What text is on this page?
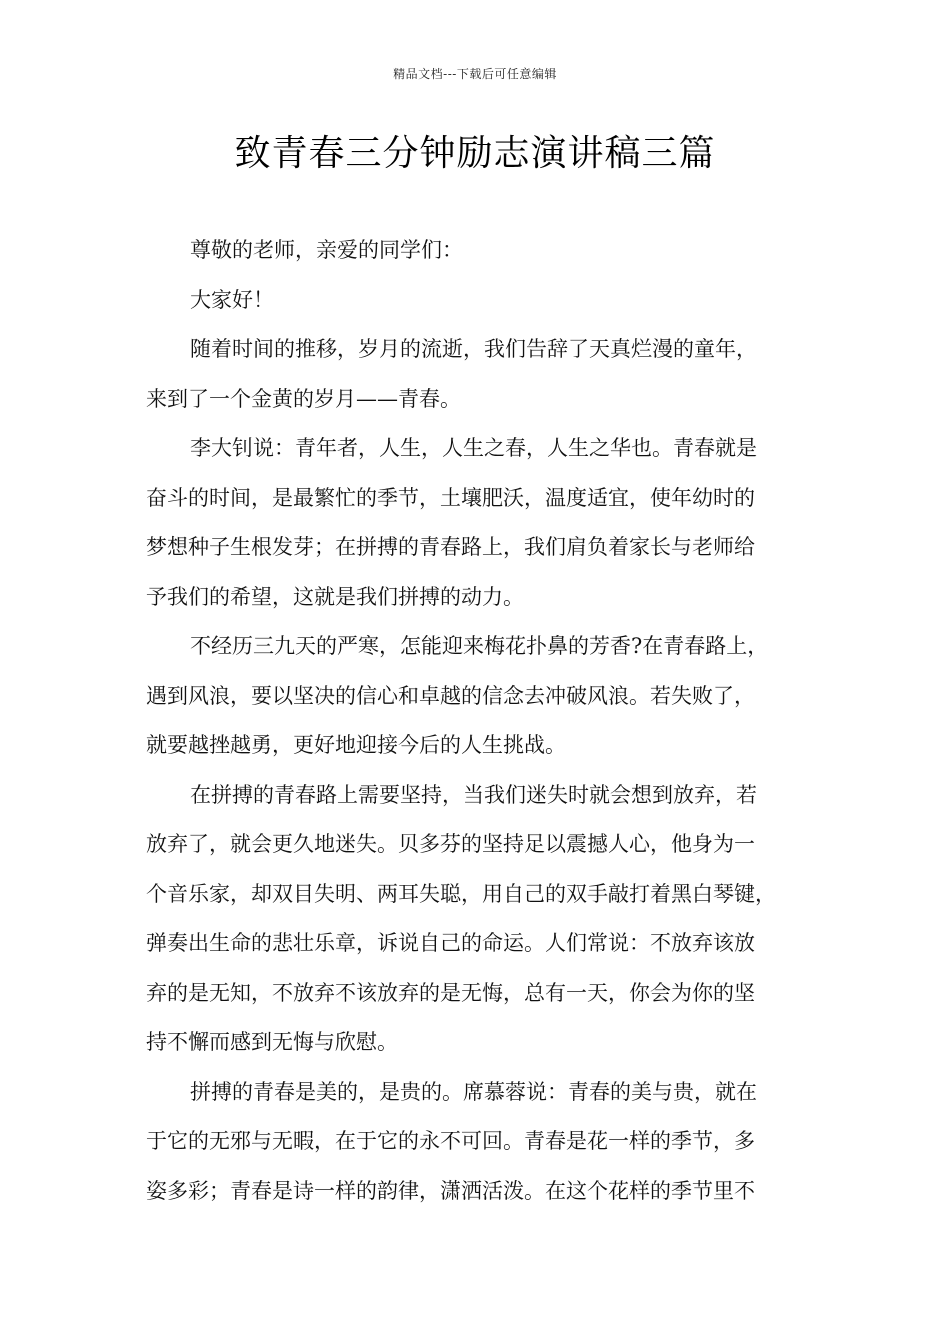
精品文档---下载后可任意编辑
致青春三分钟励志演讲稿三篇

尊敬的老师，亲爱的同学们：

大家好！

随着时间的推移，岁月的流逝，我们告辞了天真烂漫的童年，

来到了一个金黄的岁月——青春。

李大钊说：青年者，人生，人生之春，人生之华也。青春就是

奋斗的时间，是最繁忙的季节，土壤肥沃，温度适宜，使年幼时的

梦想种子生根发芽；在拼搏的青春路上，我们肩负着家长与老师给

予我们的希望，这就是我们拼搏的动力。

不经历三九天的严寒，怎能迎来梅花扑鼻的芳香?在青春路上，

遇到风浪，要以坚决的信心和卓越的信念去冲破风浪。若失败了，

就要越挫越勇，更好地迎接今后的人生挑战。

在拼搏的青春路上需要坚持，当我们迷失时就会想到放弃，若

放弃了，就会更久地迷失。贝多芬的坚持足以震撼人心，他身为一

个音乐家，却双目失明、两耳失聪，用自己的双手敲打着黑白琴键，

弹奏出生命的悲壮乐章，诉说自己的命运。人们常说：不放弃该放

弃的是无知，不放弃不该放弃的是无悔，总有一天，你会为你的坚

持不懈而感到无悔与欣慰。

拼搏的青春是美的，是贵的。席慕蓉说：青春的美与贵，就在

于它的无邪与无暇，在于它的永不可回。青春是花一样的季节，多

姿多彩；青春是诗一样的韵律，潇洒活泼。在这个花样的季节里不
